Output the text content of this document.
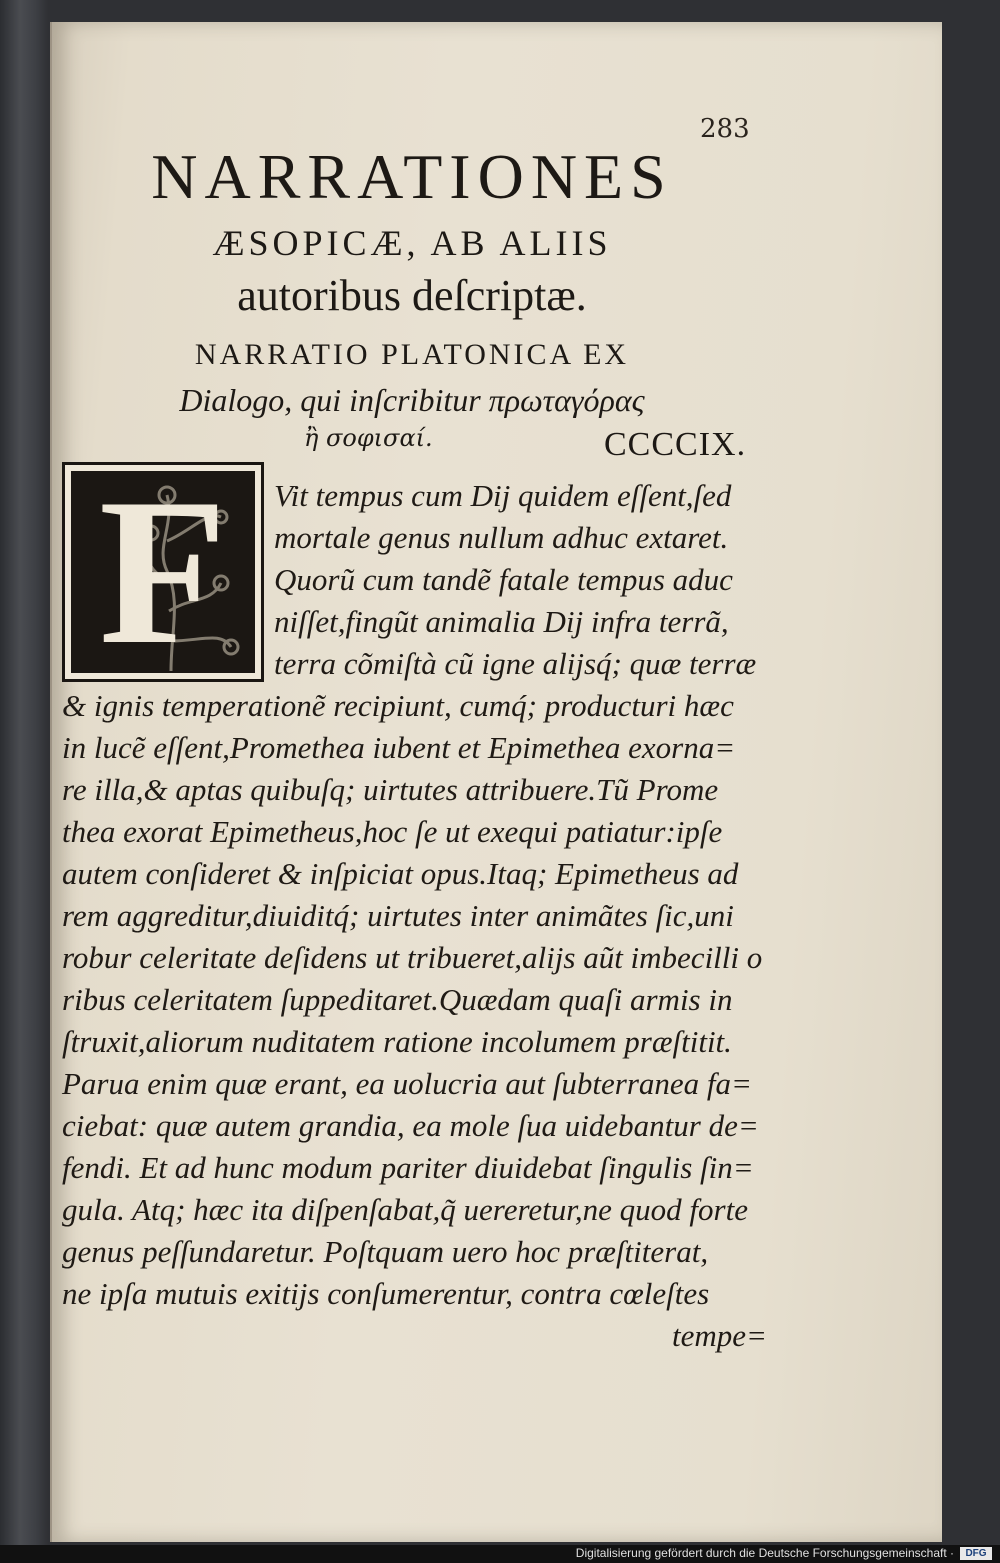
283
NARRATIONES
ÆSOPICÆ, AB ALIIS
autoribus deſcriptæ.
NARRATIO PLATONICA EX
Dialogo, qui inſcribitur πρωταγόρας
ἢ σοφισαί.	CCCCIX.
F	Vit tempus cum Dij quidem eſſent,ſed
mortale genus nullum adhuc extaret.
Quorũ cum tandẽ fatale tempus aduc
niſſet,fingũt animalia Dij infra terrã,
terra cõmiſtà cũ igne alijsq́; quæ terræ
& ignis temperationẽ recipiunt, cumq́; producturi hæc
in lucẽ eſſent,Promethea iubent et Epimethea exorna=
re illa,& aptas quibuſq; uirtutes attribuere.Tũ Prome
thea exorat Epimetheus,hoc ſe ut exequi patiatur:ipſe
autem conſideret & inſpiciat opus.Itaq; Epimetheus ad
rem aggreditur,diuiditq́; uirtutes inter animãtes ſic,uni
robur celeritate deſidens ut tribueret,alijs aũt imbecilli o
ribus celeritatem ſuppeditaret.Quædam quaſi armis in
ſtruxit,aliorum nuditatem ratione incolumem præſtitit.
Parua enim quæ erant, ea uolucria aut ſubterranea fa=
ciebat: quæ autem grandia, ea mole ſua uidebantur de=
fendi. Et ad hunc modum pariter diuidebat ſingulis ſin=
gula. Atq; hæc ita diſpenſabat,q̃ uereretur,ne quod forte
genus peſſundaretur. Poſtquam uero hoc præſtiterat,
ne ipſa mutuis exitijs conſumerentur, contra cœleſtes
tempe=
Digitalisierung gefördert durch die Deutsche Forschungsgemeinschaft ·	DFG
